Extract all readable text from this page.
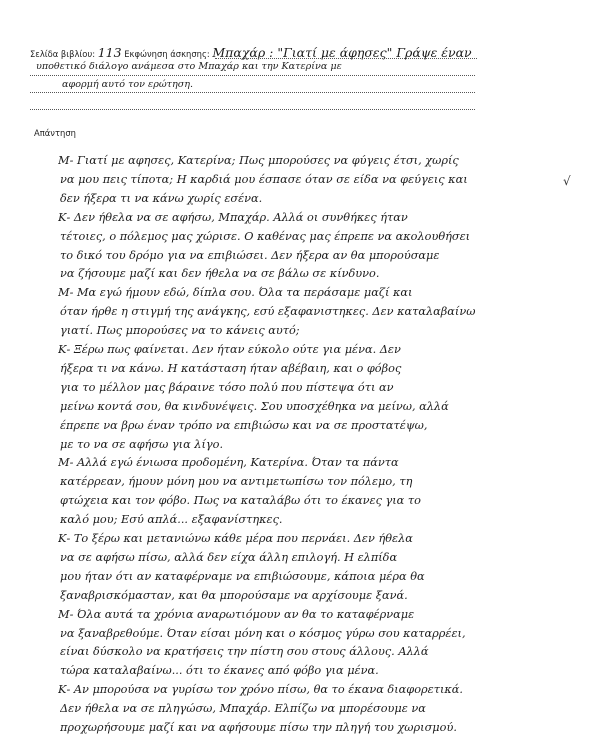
Σελίδα βιβλίου: 113 Εκφώνηση άσκησης: Μπαχάρ : "Γιατί με άφησες" Γράψε έναν
υποθετικό διάλογο ανάμεσα στο Μπαχάρ και την Κατερίνα με
αφορμή αυτό τον ερώτηση.
Απάντηση
√
Μ- Γιατί με αφησες, Κατερίνα; Πως μπορούσες να φύγεις έτσι, χωρίς
να μου πεις τίποτα; Η καρδιά μου έσπασε όταν σε είδα να φεύγεις και
δεν ήξερα τι να κάνω χωρίς εσένα.
Κ- Δεν ήθελα να σε αφήσω, Μπαχάρ. Αλλά οι συνθήκες ήταν
τέτοιες, ο πόλεμος μας χώρισε. Ο καθένας μας έπρεπε να ακολουθήσει
το δικό του δρόμο για να επιβιώσει. Δεν ήξερα αν θα μπορούσαμε
να ζήσουμε μαζί και δεν ήθελα να σε βάλω σε κίνδυνο.
Μ- Μα εγώ ήμουν εδώ, δίπλα σου. Όλα τα περάσαμε μαζί και
όταν ήρθε η στιγμή της ανάγκης, εσύ εξαφανιστηκες. Δεν καταλαβαίνω
γιατί. Πως μπορούσες να το κάνεις αυτό;
Κ- Ξέρω πως φαίνεται. Δεν ήταν εύκολο ούτε για μένα. Δεν
ήξερα τι να κάνω. Η κατάσταση ήταν αβέβαιη, και ο φόβος
για το μέλλον μας βάραινε τόσο πολύ που πίστεψα ότι αν
μείνω κοντά σου, θα κινδυνέψεις. Σου υποσχέθηκα να μείνω, αλλά
έπρεπε να βρω έναν τρόπο να επιβιώσω και να σε προστατέψω,
με το να σε αφήσω για λίγο.
Μ- Αλλά εγώ ένιωσα προδομένη, Κατερίνα. Όταν τα πάντα
κατέρρεαν, ήμουν μόνη μου να αντιμετωπίσω τον πόλεμο, τη
φτώχεια και τον φόβο. Πως να καταλάβω ότι το έκανες για το
καλό μου; Εσύ απλά... εξαφανίστηκες.
Κ- Το ξέρω και μετανιώνω κάθε μέρα που περνάει. Δεν ήθελα
να σε αφήσω πίσω, αλλά δεν είχα άλλη επιλογή. Η ελπίδα
μου ήταν ότι αν καταφέρναμε να επιβιώσουμε, κάποια μέρα θα
ξαναβρισκόμασταν, και θα μπορούσαμε να αρχίσουμε ξανά.
Μ- Όλα αυτά τα χρόνια αναρωτιόμουν αν θα το καταφέρναμε
να ξαναβρεθούμε. Όταν είσαι μόνη και ο κόσμος γύρω σου καταρρέει,
είναι δύσκολο να κρατήσεις την πίστη σου στους άλλους. Αλλά
τώρα καταλαβαίνω... ότι το έκανες από φόβο για μένα.
Κ- Αν μπορούσα να γυρίσω τον χρόνο πίσω, θα το έκανα διαφορετικά.
Δεν ήθελα να σε πληγώσω, Μπαχάρ. Ελπίζω να μπορέσουμε να
προχωρήσουμε μαζί και να αφήσουμε πίσω την πληγή του χωρισμού.
